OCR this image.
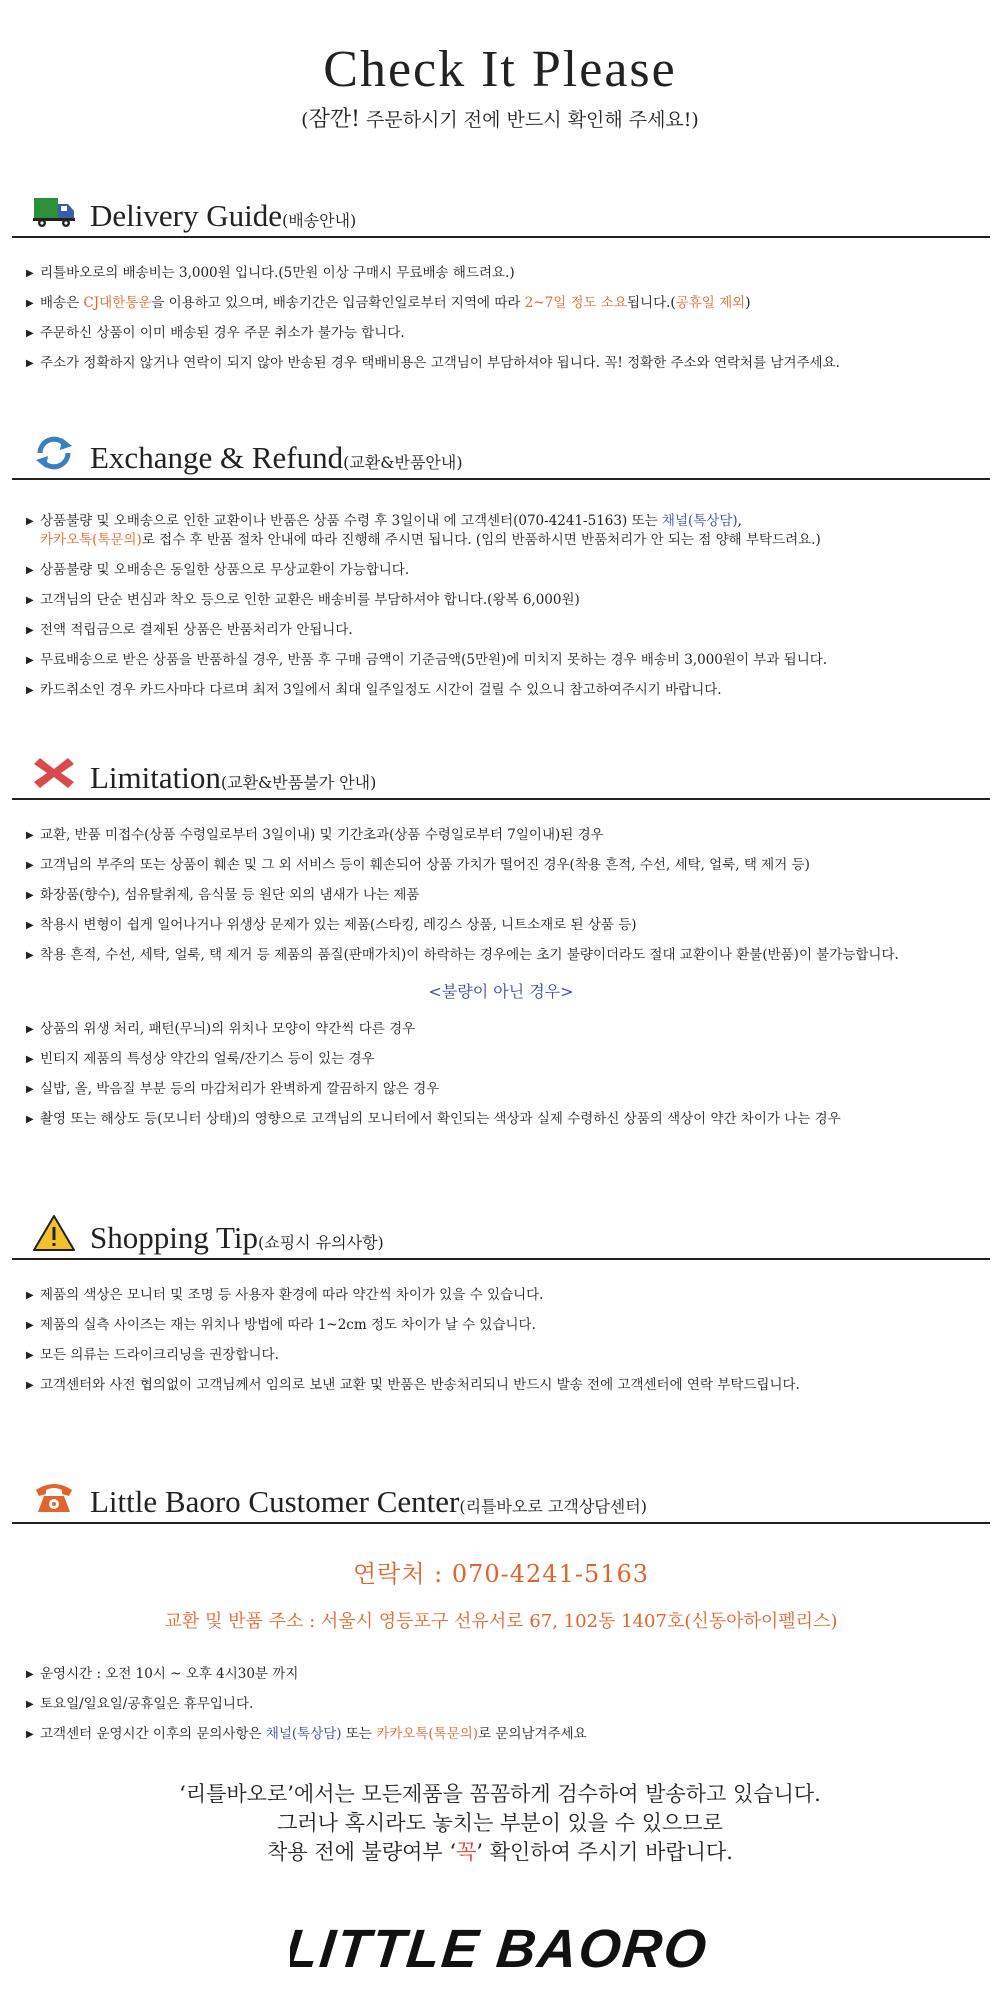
Check It Please
(잠깐! 주문하시기 전에 반드시 확인해 주세요!)
Delivery Guide(배송안내)
▶ 리틀바오로의 배송비는 3,000원 입니다.(5만원 이상 구매시 무료배송 해드려요.)
▶ 배송은 CJ대한통운을 이용하고 있으며, 배송기간은 입금확인일로부터 지역에 따라 2~7일 정도 소요됩니다.(공휴일 제외)
▶ 주문하신 상품이 이미 배송된 경우 주문 취소가 불가능 합니다.
▶ 주소가 정확하지 않거나 연락이 되지 않아 반송된 경우 택배비용은 고객님이 부담하셔야 됩니다. 꼭! 정확한 주소와 연락처를 남겨주세요.
Exchange & Refund(교환&반품안내)
▶ 상품불량 및 오배송으로 인한 교환이나 반품은 상품 수령 후 3일이내 에 고객센터(070-4241-5163) 또는 채널(톡상담),
카카오톡(톡문의)로 접수 후 반품 절차 안내에 따라 진행해 주시면 됩니다. (임의 반품하시면 반품처리가 안 되는 점 양해 부탁드려요.)
▶ 상품불량 및 오배송은 동일한 상품으로 무상교환이 가능합니다.
▶ 고객님의 단순 변심과 착오 등으로 인한 교환은 배송비를 부담하셔야 합니다.(왕복 6,000원)
▶ 전액 적립금으로 결제된 상품은 반품처리가 안됩니다.
▶ 무료배송으로 받은 상품을 반품하실 경우, 반품 후 구매 금액이 기준금액(5만원)에 미치지 못하는 경우 배송비 3,000원이 부과 됩니다.
▶ 카드취소인 경우 카드사마다 다르며 최저 3일에서 최대 일주일정도 시간이 걸릴 수 있으니 참고하여주시기 바랍니다.
Limitation(교환&반품불가 안내)
▶ 교환, 반품 미접수(상품 수령일로부터 3일이내) 및 기간초과(상품 수령일로부터 7일이내)된 경우
▶ 고객님의 부주의 또는 상품이 훼손 및 그 외 서비스 등이 훼손되어 상품 가치가 떨어진 경우(착용 흔적, 수선, 세탁, 얼룩, 택 제거 등)
▶ 화장품(향수), 섬유탈취제, 음식물 등 원단 외의 냄새가 나는 제품
▶ 착용시 변형이 쉽게 일어나거나 위생상 문제가 있는 제품(스타킹, 레깅스 상품, 니트소재로 된 상품 등)
▶ 착용 흔적, 수선, 세탁, 얼룩, 택 제거 등 제품의 품질(판매가치)이 하락하는 경우에는 초기 불량이더라도 절대 교환이나 환불(반품)이 불가능합니다.
<불량이 아닌 경우>
▶ 상품의 위생 처리, 패턴(무늬)의 위치나 모양이 약간씩 다른 경우
▶ 빈티지 제품의 특성상 약간의 얼룩/잔기스 등이 있는 경우
▶ 실밥, 올, 박음질 부분 등의 마감처리가 완벽하게 깔끔하지 않은 경우
▶ 촬영 또는 해상도 등(모니터 상태)의 영향으로 고객님의 모니터에서 확인되는 색상과 실제 수령하신 상품의 색상이 약간 차이가 나는 경우
Shopping Tip(쇼핑시 유의사항)
▶ 제품의 색상은 모니터 및 조명 등 사용자 환경에 따라 약간씩 차이가 있을 수 있습니다.
▶ 제품의 실측 사이즈는 재는 위치나 방법에 따라 1~2cm 정도 차이가 날 수 있습니다.
▶ 모든 의류는 드라이크리닝을 권장합니다.
▶ 고객센터와 사전 협의없이 고객님께서 임의로 보낸 교환 및 반품은 반송처리되니 반드시 발송 전에 고객센터에 연락 부탁드립니다.
Little Baoro Customer Center(리틀바오로 고객상담센터)
연락처 : 070-4241-5163
교환 및 반품 주소 : 서울시 영등포구 선유서로 67, 102동 1407호(신동아하이펠리스)
▶ 운영시간 : 오전 10시 ~ 오후 4시30분 까지
▶ 토요일/일요일/공휴일은 휴무입니다.
▶ 고객센터 운영시간 이후의 문의사항은 채널(톡상담) 또는 카카오톡(톡문의)로 문의남겨주세요
‘리틀바오로’에서는 모든제품을 꼼꼼하게 검수하여 발송하고 있습니다.
그러나 혹시라도 놓치는 부분이 있을 수 있으므로
착용 전에 불량여부 ‘꼭’ 확인하여 주시기 바랍니다.
LITTLE BAORO
